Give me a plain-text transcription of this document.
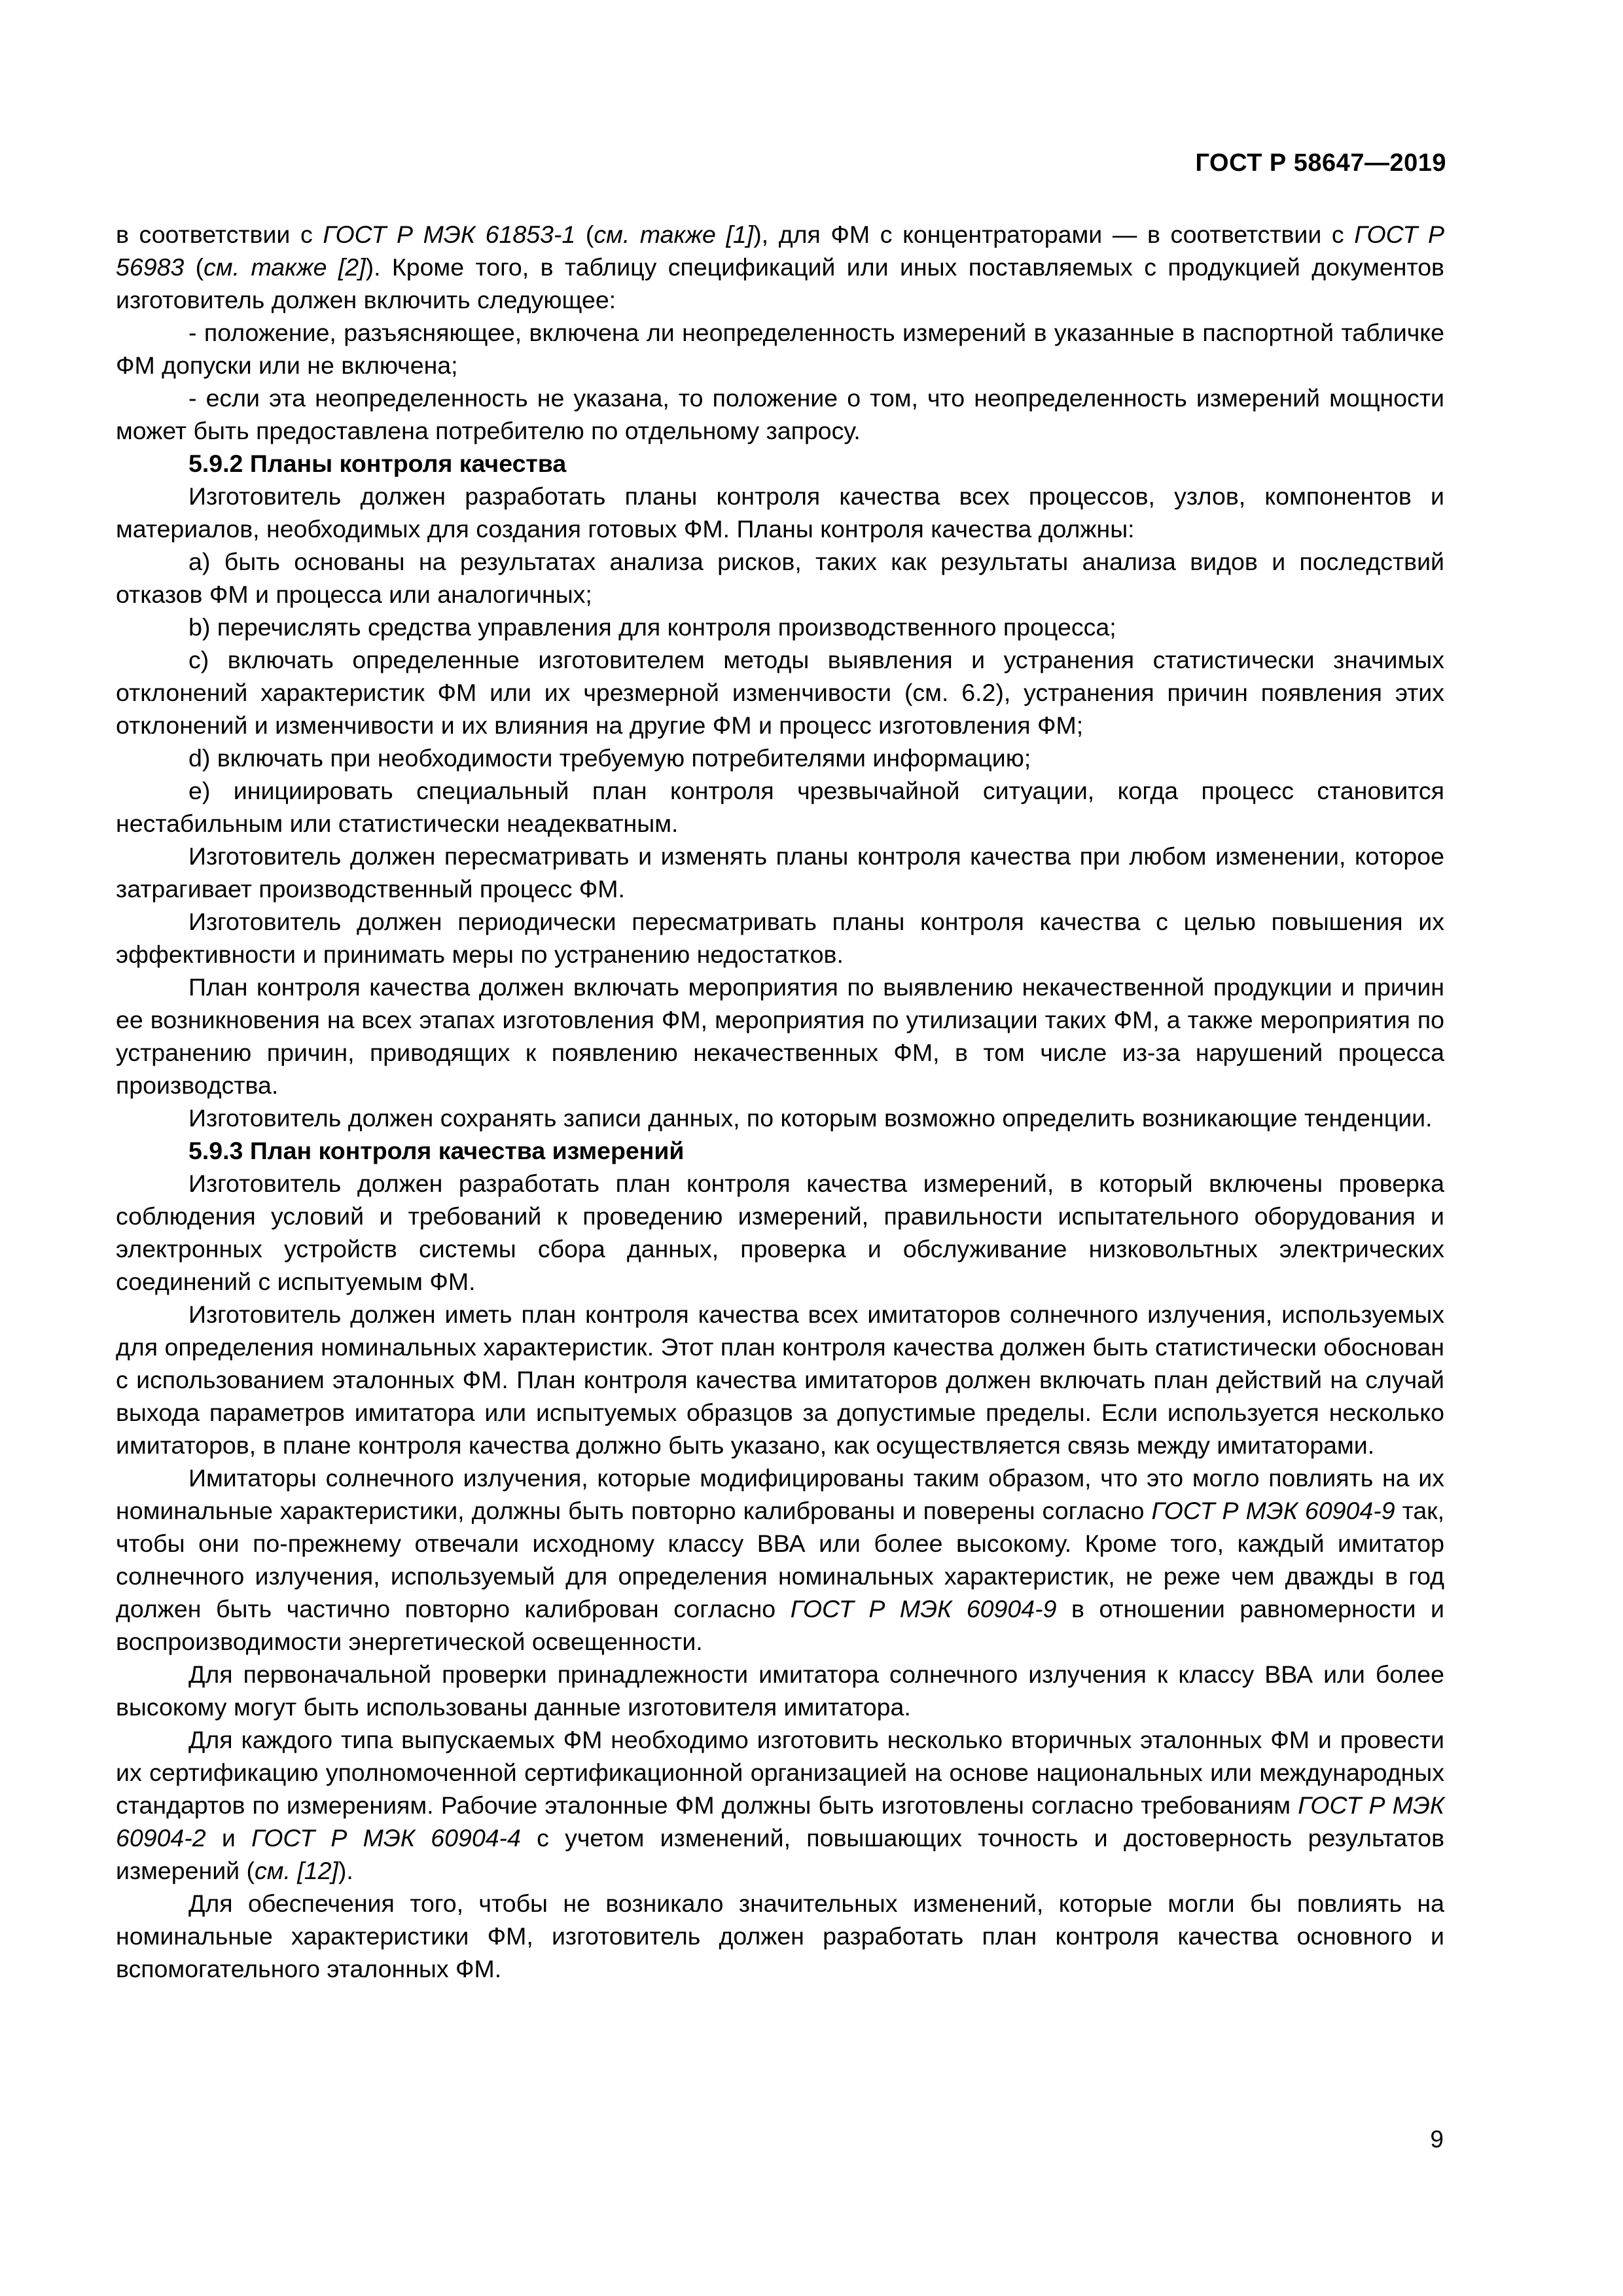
ГОСТ Р 58647—2019

в соответствии с ГОСТ Р МЭК 61853-1 (см. также [1]), для ФМ с концентраторами — в соответствии с ГОСТ Р 56983 (см. также [2]). Кроме того, в таблицу спецификаций или иных поставляемых с продукцией документов изготовитель должен включить следующее:

- положение, разъясняющее, включена ли неопределенность измерений в указанные в паспортной табличке ФМ допуски или не включена;

- если эта неопределенность не указана, то положение о том, что неопределенность измерений мощности может быть предоставлена потребителю по отдельному запросу.

5.9.2 Планы контроля качества

Изготовитель должен разработать планы контроля качества всех процессов, узлов, компонентов и материалов, необходимых для создания готовых ФМ. Планы контроля качества должны:

а) быть основаны на результатах анализа рисков, таких как результаты анализа видов и последствий отказов ФМ и процесса или аналогичных;

b) перечислять средства управления для контроля производственного процесса;

с) включать определенные изготовителем методы выявления и устранения статистически значимых отклонений характеристик ФМ или их чрезмерной изменчивости (см. 6.2), устранения причин появления этих отклонений и изменчивости и их влияния на другие ФМ и процесс изготовления ФМ;

d) включать при необходимости требуемую потребителями информацию;

е) инициировать специальный план контроля чрезвычайной ситуации, когда процесс становится нестабильным или статистически неадекватным.

Изготовитель должен пересматривать и изменять планы контроля качества при любом изменении, которое затрагивает производственный процесс ФМ.

Изготовитель должен периодически пересматривать планы контроля качества с целью повышения их эффективности и принимать меры по устранению недостатков.

План контроля качества должен включать мероприятия по выявлению некачественной продукции и причин ее возникновения на всех этапах изготовления ФМ, мероприятия по утилизации таких ФМ, а также мероприятия по устранению причин, приводящих к появлению некачественных ФМ, в том числе из-за нарушений процесса производства.

Изготовитель должен сохранять записи данных, по которым возможно определить возникающие тенденции.

5.9.3 План контроля качества измерений

Изготовитель должен разработать план контроля качества измерений, в который включены проверка соблюдения условий и требований к проведению измерений, правильности испытательного оборудования и электронных устройств системы сбора данных, проверка и обслуживание низковольтных электрических соединений с испытуемым ФМ.

Изготовитель должен иметь план контроля качества всех имитаторов солнечного излучения, используемых для определения номинальных характеристик. Этот план контроля качества должен быть статистически обоснован с использованием эталонных ФМ. План контроля качества имитаторов должен включать план действий на случай выхода параметров имитатора или испытуемых образцов за допустимые пределы. Если используется несколько имитаторов, в плане контроля качества должно быть указано, как осуществляется связь между имитаторами.

Имитаторы солнечного излучения, которые модифицированы таким образом, что это могло повлиять на их номинальные характеристики, должны быть повторно калиброваны и поверены согласно ГОСТ Р МЭК 60904-9 так, чтобы они по-прежнему отвечали исходному классу ВВА или более высокому. Кроме того, каждый имитатор солнечного излучения, используемый для определения номинальных характеристик, не реже чем дважды в год должен быть частично повторно калиброван согласно ГОСТ Р МЭК 60904-9 в отношении равномерности и воспроизводимости энергетической освещенности.

Для первоначальной проверки принадлежности имитатора солнечного излучения к классу ВВА или более высокому могут быть использованы данные изготовителя имитатора.

Для каждого типа выпускаемых ФМ необходимо изготовить несколько вторичных эталонных ФМ и провести их сертификацию уполномоченной сертификационной организацией на основе национальных или международных стандартов по измерениям. Рабочие эталонные ФМ должны быть изготовлены согласно требованиям ГОСТ Р МЭК 60904-2 и ГОСТ Р МЭК 60904-4 с учетом изменений, повышающих точность и достоверность результатов измерений (см. [12]).

Для обеспечения того, чтобы не возникало значительных изменений, которые могли бы повлиять на номинальные характеристики ФМ, изготовитель должен разработать план контроля качества основного и вспомогательного эталонных ФМ.

9
